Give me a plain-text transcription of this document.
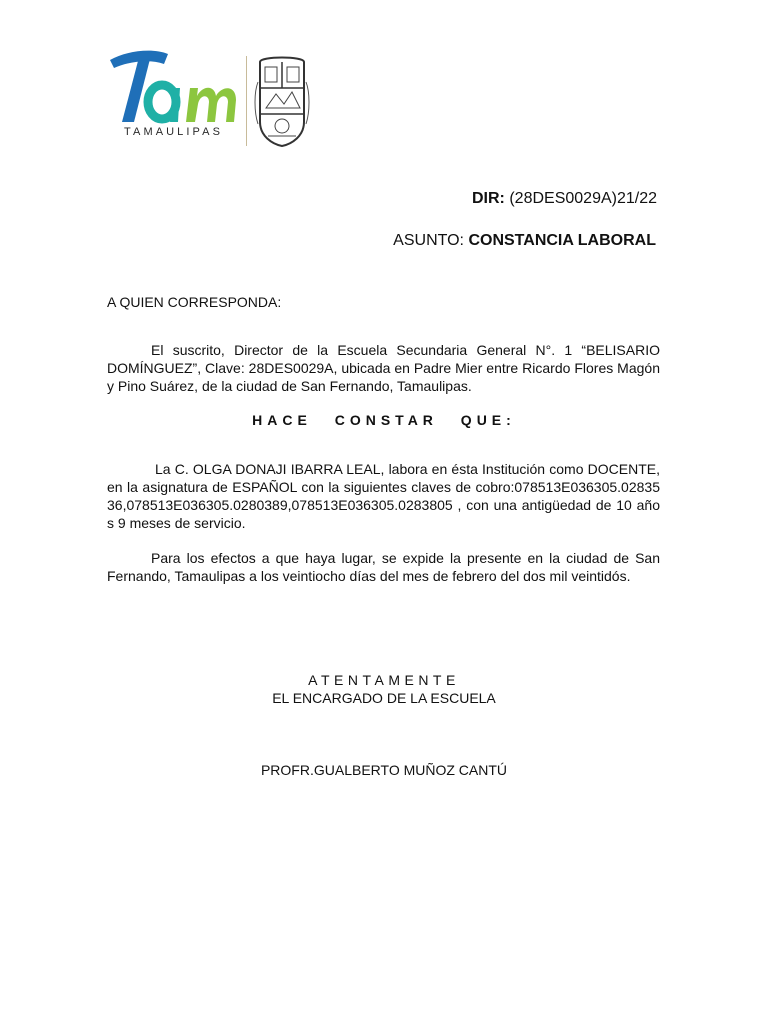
TAMAULIPAS
DIR: (28DES0029A)21/22
ASUNTO: CONSTANCIA LABORAL
A QUIEN CORRESPONDA:

El suscrito, Director de la Escuela Secundaria General N°. 1 “BELISARIO DOMÍNGUEZ”, Clave: 28DES0029A, ubicada en Padre Mier entre Ricardo Flores Magón y Pino Suárez, de la ciudad de San Fernando, Tamaulipas.

HACE CONSTAR QUE:

La C. OLGA DONAJI IBARRA LEAL, labora en ésta Institución como DOCENTE, en la asignatura de ESPAÑOL con la siguientes claves de cobro:078513E036305.0283536,078513E036305.0280389,078513E036305.0283805 , con una antigüedad de 10 años 9 meses de servicio.

Para los efectos a que haya lugar, se expide la presente en la ciudad de San Fernando, Tamaulipas a los veintiocho días del mes de febrero del dos mil veintidós.

ATENTAMENTE
EL ENCARGADO DE LA ESCUELA
PROFR.GUALBERTO MUÑOZ CANTÚ
